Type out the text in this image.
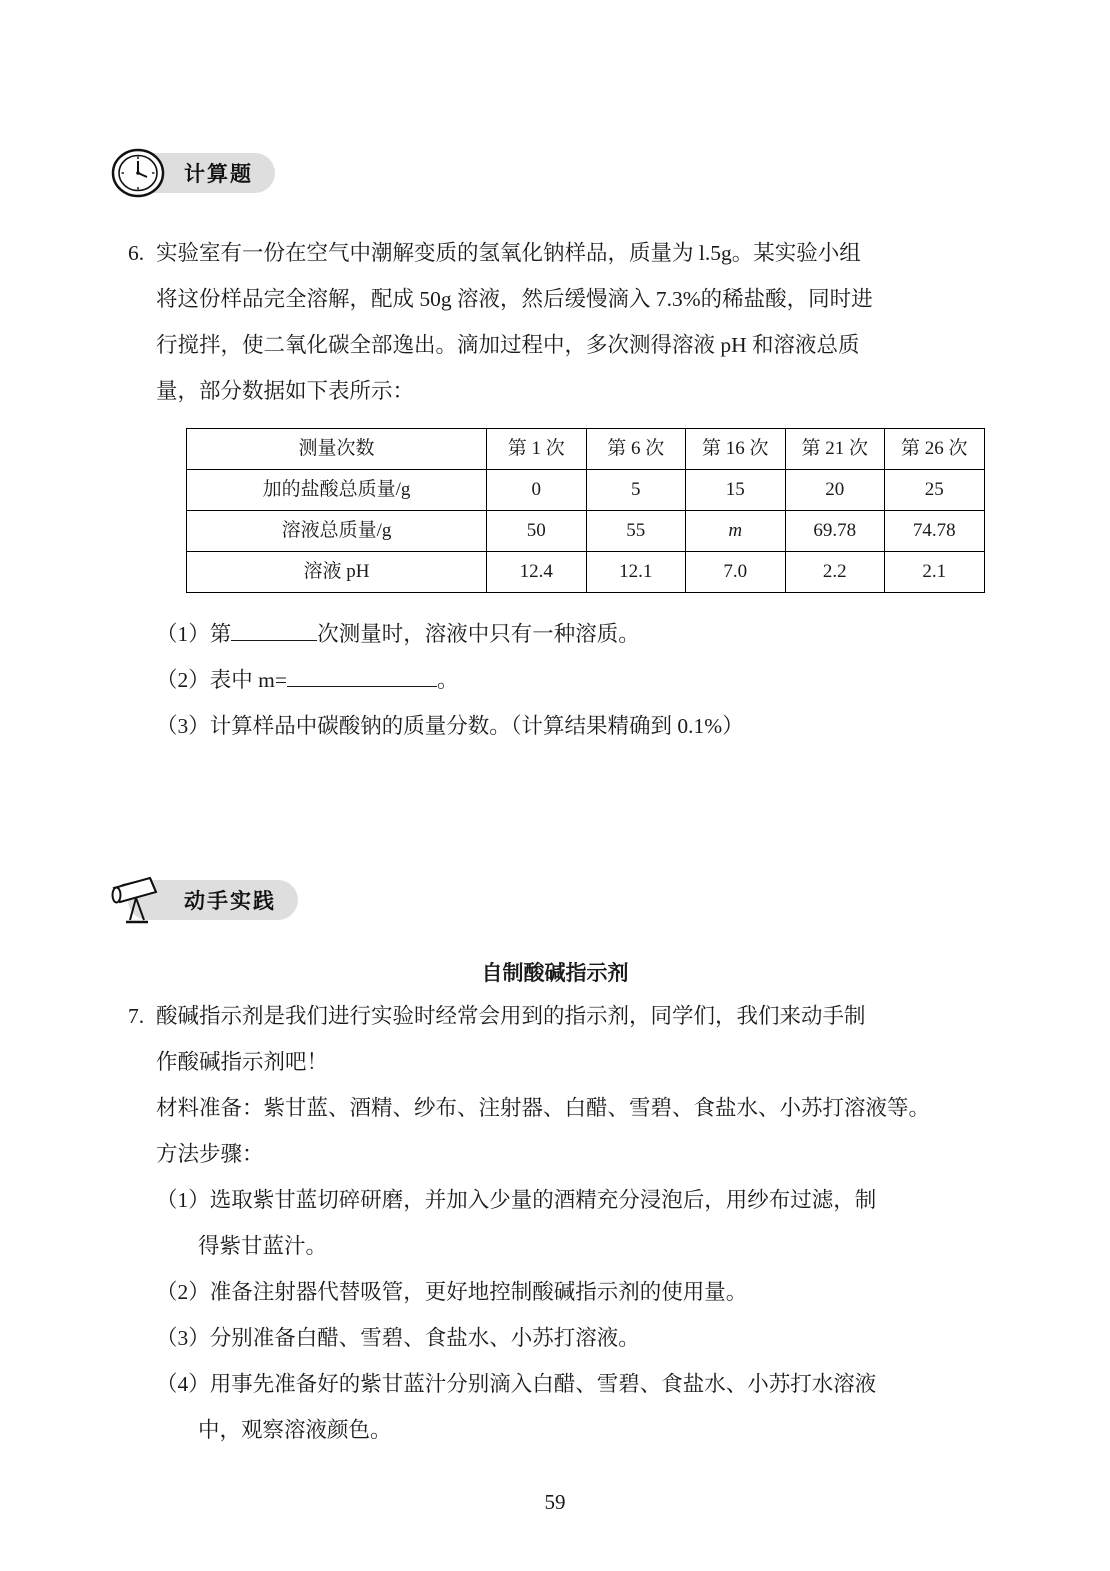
计算题
6. 实验室有一份在空气中潮解变质的氢氧化钠样品，质量为 l.5g。某实验小组

将这份样品完全溶解，配成 50g 溶液，然后缓慢滴入 7.3%的稀盐酸，同时进

行搅拌，使二氧化碳全部逸出。滴加过程中，多次测得溶液 pH 和溶液总质

量，部分数据如下表所示：

测量次数	第 1 次	第 6 次	第 16 次	第 21 次	第 26 次
加的盐酸总质量/g	0	5	15	20	25
溶液总质量/g	50	55	m	69.78	74.78
溶液 pH	12.4	12.1	7.0	2.2	2.1

（1）第	次测量时，溶液中只有一种溶质。

（2）表中 m=	。

（3）计算样品中碳酸钠的质量分数。（计算结果精确到 0.1%）

动手实践

自制酸碱指示剂

7. 酸碱指示剂是我们进行实验时经常会用到的指示剂，同学们，我们来动手制

作酸碱指示剂吧！

材料准备：紫甘蓝、酒精、纱布、注射器、白醋、雪碧、食盐水、小苏打溶液等。

方法步骤：

（1） 选取紫甘蓝切碎研磨，并加入少量的酒精充分浸泡后，用纱布过滤，制

得紫甘蓝汁。

（2） 准备注射器代替吸管，更好地控制酸碱指示剂的使用量。
（3） 分别准备白醋、雪碧、食盐水、小苏打溶液。
（4） 用事先准备好的紫甘蓝汁分别滴入白醋、雪碧、食盐水、小苏打水溶液

中，观察溶液颜色。

59
